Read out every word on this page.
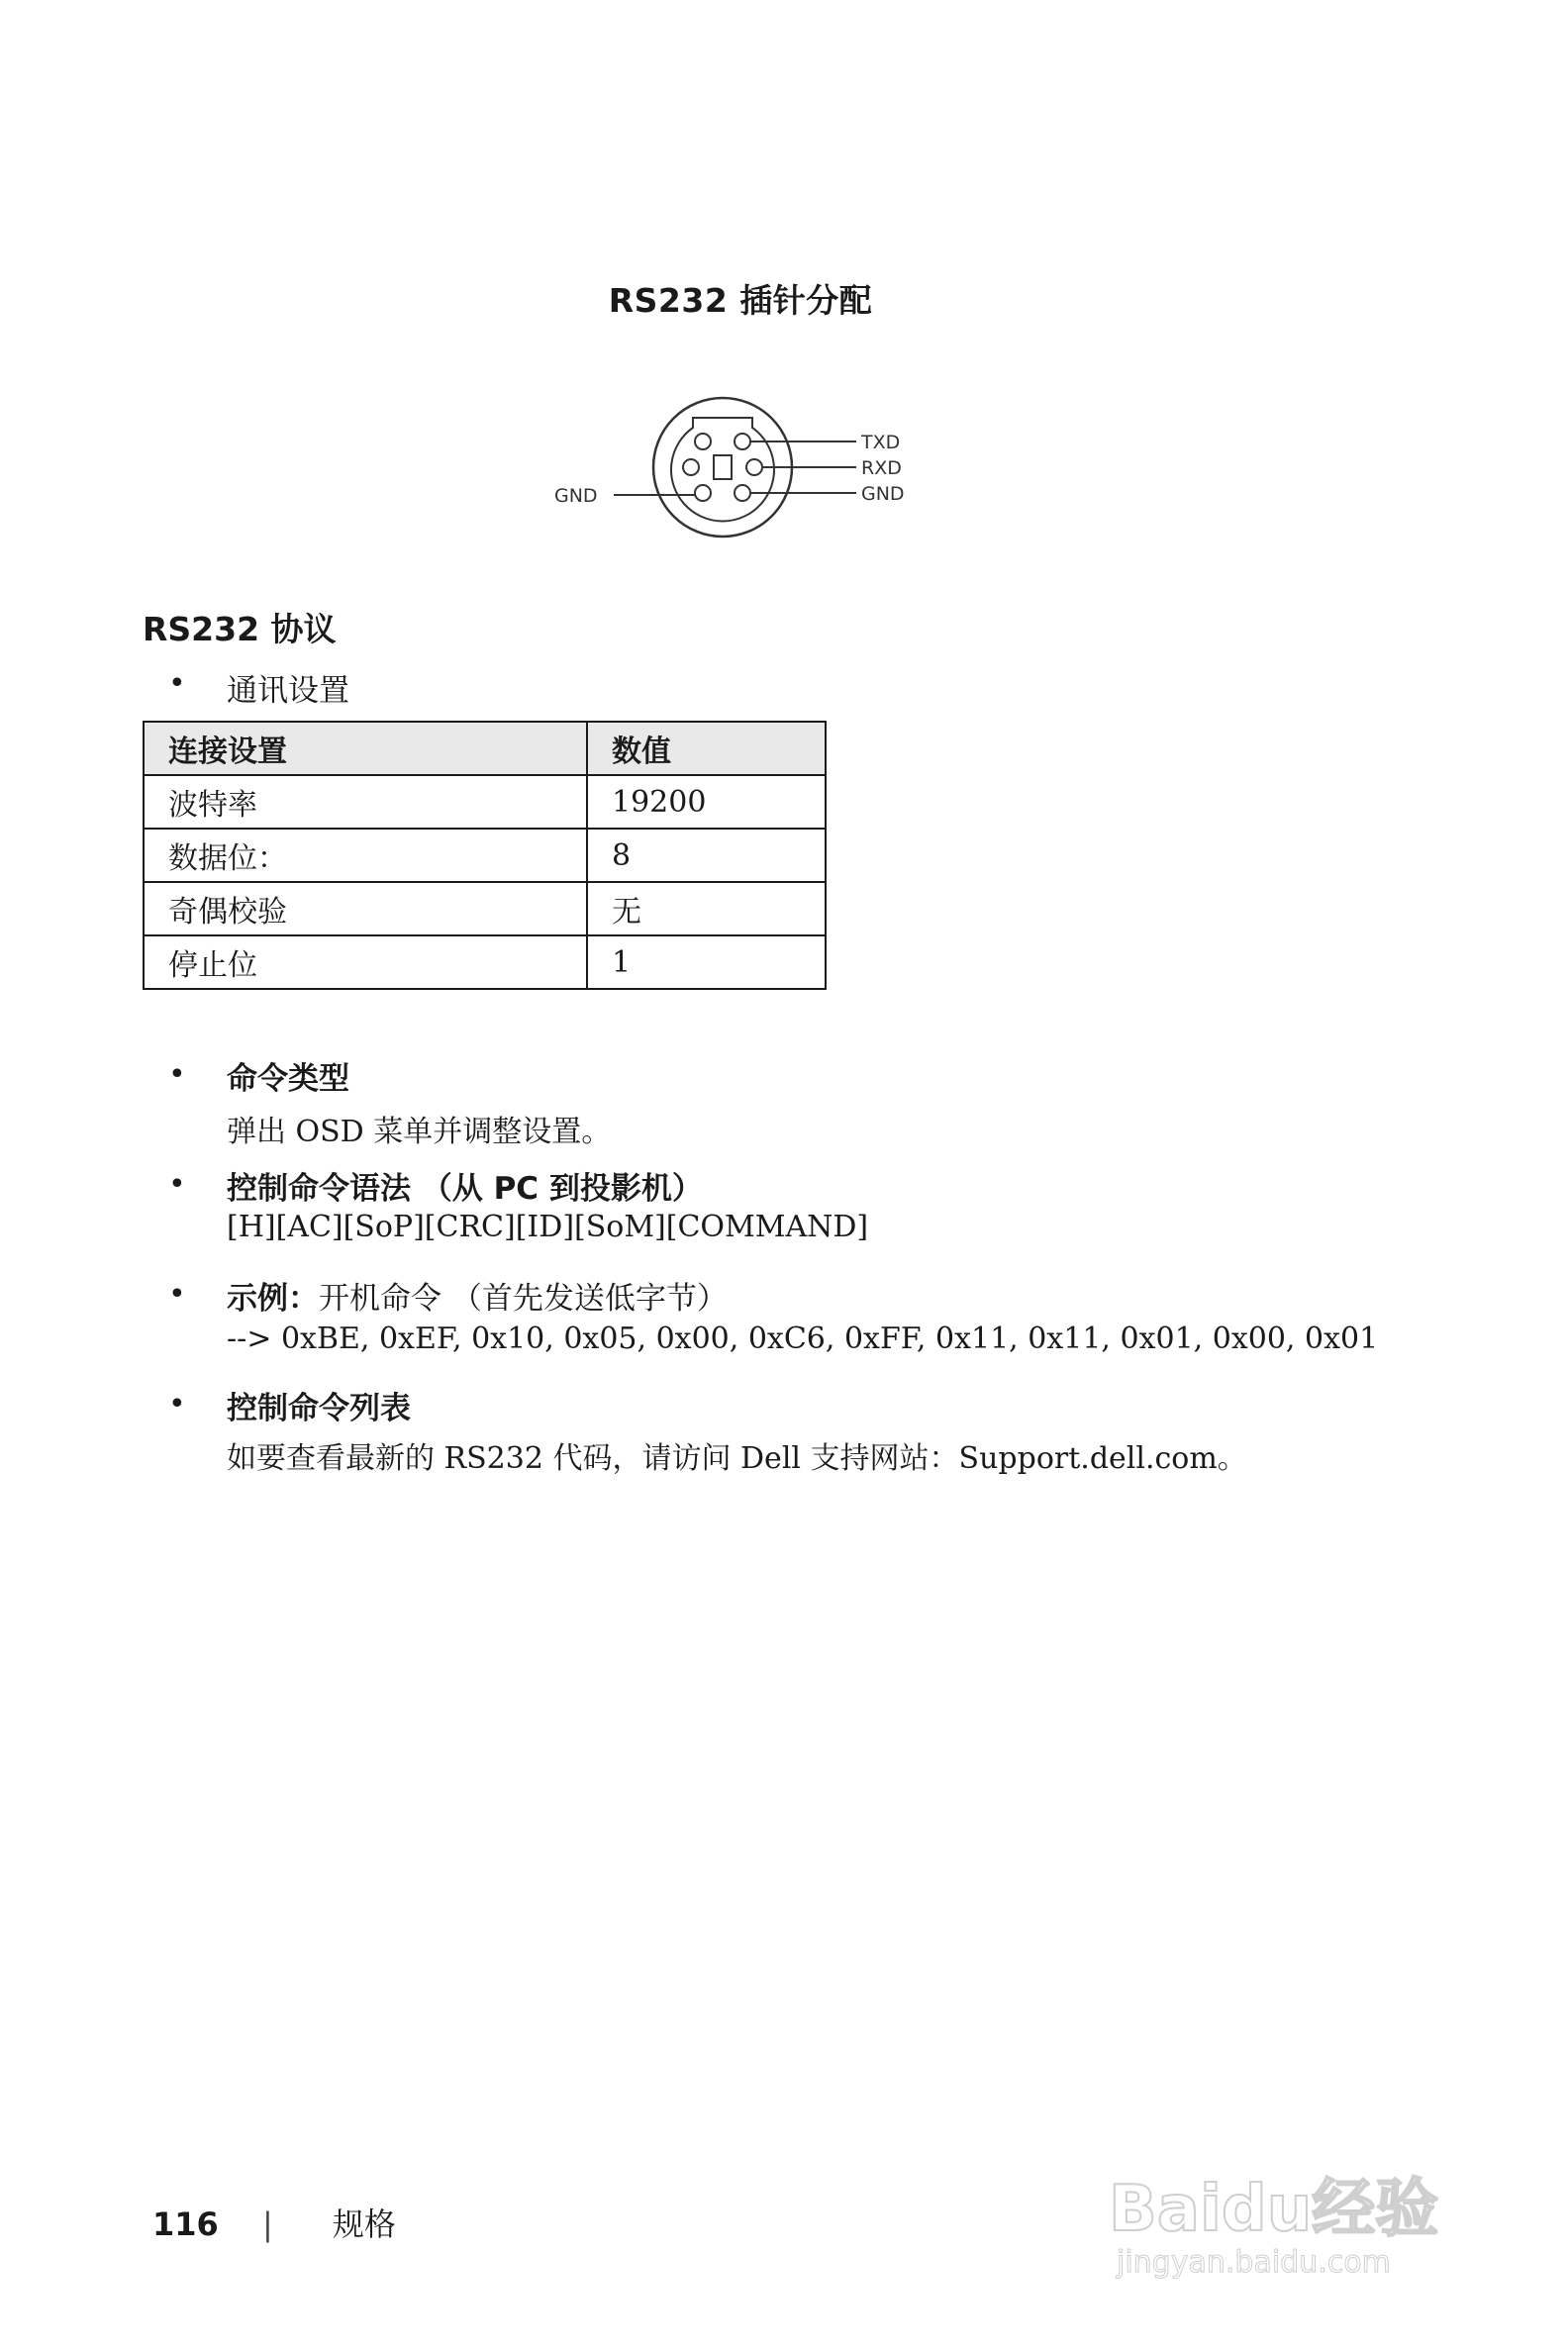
RS232 插针分配
TXD
RXD
GND
GND
RS232 协议
• 通讯设置
连接设置	数值
波特率	19200
数据位：	8
奇偶校验	无
停止位	1
• 命令类型
弹出 OSD 菜单并调整设置。
• 控制命令语法 （从 PC 到投影机）
[H][AC][SoP][CRC][ID][SoM][COMMAND]
• 示例：开机命令 （首先发送低字节）
--> 0xBE, 0xEF, 0x10, 0x05, 0x00, 0xC6, 0xFF, 0x11, 0x11, 0x01, 0x00, 0x01
• 控制命令列表
如要查看最新的 RS232 代码，请访问 Dell 支持网站：Support.dell.com。
116 | 规格	Baidu经验
jingyan.baidu.com
